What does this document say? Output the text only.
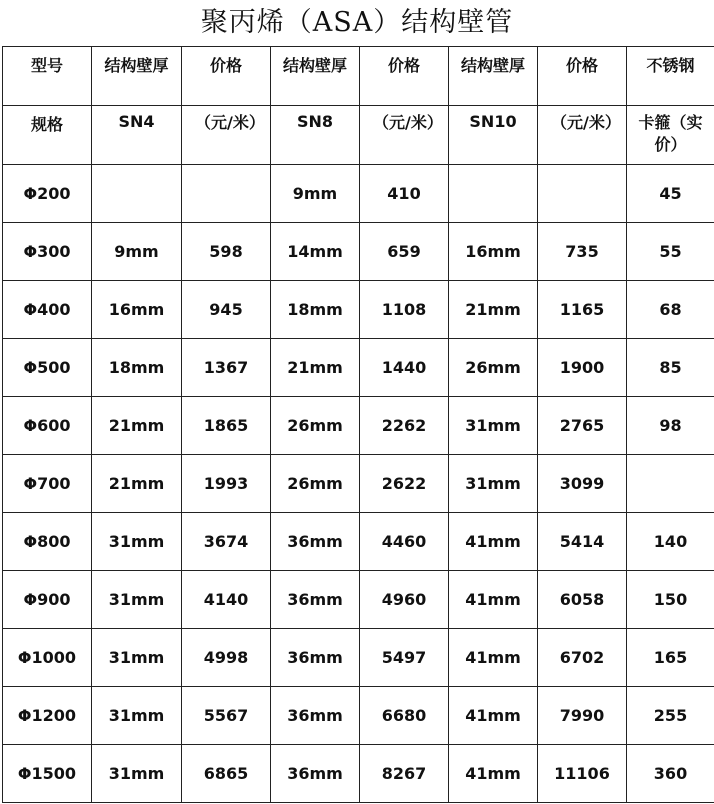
聚丙烯（ASA）结构壁管
型号	结构壁厚	价格	结构壁厚	价格	结构壁厚	价格	不锈钢
规格	SN4	（元/米）	SN8	（元/米）	SN10	（元/米）	卡箍（实价）
Φ200			9mm	410			45
Φ300	9mm	598	14mm	659	16mm	735	55
Φ400	16mm	945	18mm	1108	21mm	1165	68
Φ500	18mm	1367	21mm	1440	26mm	1900	85
Φ600	21mm	1865	26mm	2262	31mm	2765	98
Φ700	21mm	1993	26mm	2622	31mm	3099	
Φ800	31mm	3674	36mm	4460	41mm	5414	140
Φ900	31mm	4140	36mm	4960	41mm	6058	150
Φ1000	31mm	4998	36mm	5497	41mm	6702	165
Φ1200	31mm	5567	36mm	6680	41mm	7990	255
Φ1500	31mm	6865	36mm	8267	41mm	11106	360
